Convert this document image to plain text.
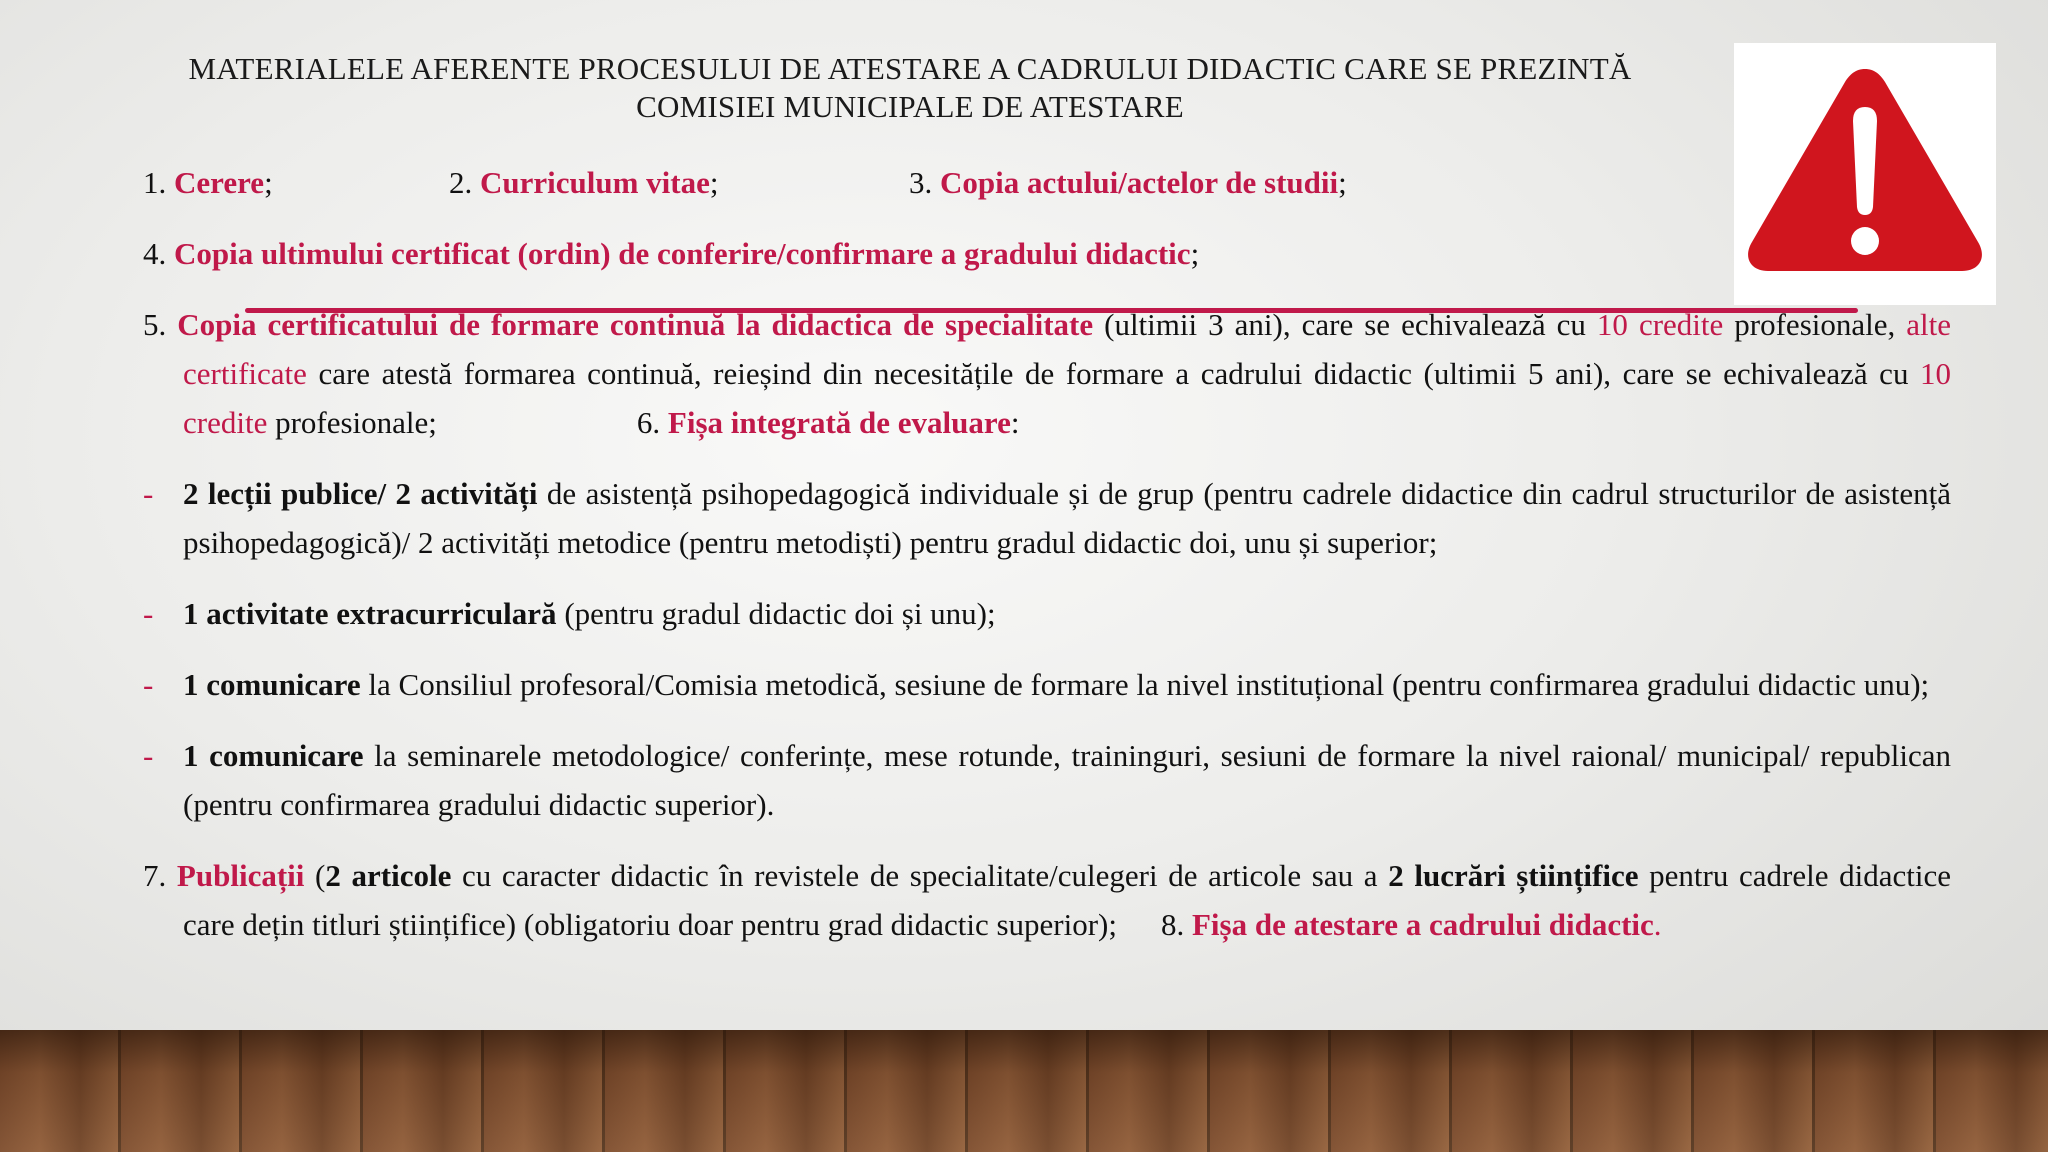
MATERIALELE AFERENTE PROCESULUI DE ATESTARE A CADRULUI DIDACTIC CARE SE PREZINTĂ
COMISIEI MUNICIPALE DE ATESTARE
1. Cerere;	2. Curriculum vitae;	3. Copia actului/actelor de studii;
4. Copia ultimului certificat (ordin) de conferire/confirmare a gradului didactic;
5. Copia certificatului de formare continuă la didactica de specialitate (ultimii 3 ani), care se echivalează cu 10 credite profesionale, alte certificate care atestă formarea continuă, reieșind din necesitățile de formare a cadrului didactic (ultimii 5 ani), care se echivalează cu 10 credite profesionale;	6. Fișa integrată de evaluare:
- 2 lecții publice/ 2 activități de asistență psihopedagogică individuale și de grup (pentru cadrele didactice din cadrul structurilor de asistență psihopedagogică)/ 2 activități metodice (pentru metodiști) pentru gradul didactic doi, unu și superior;
- 1 activitate extracurriculară (pentru gradul didactic doi și unu);
- 1 comunicare la Consiliul profesoral/Comisia metodică, sesiune de formare la nivel instituțional (pentru confirmarea gradului didactic unu);
- 1 comunicare la seminarele metodologice/ conferințe, mese rotunde, traininguri, sesiuni de formare la nivel raional/ municipal/ republican (pentru confirmarea gradului didactic superior).
7. Publicații (2 articole cu caracter didactic în revistele de specialitate/culegeri de articole sau a 2 lucrări științifice pentru cadrele didactice care dețin titluri științifice) (obligatoriu doar pentru grad didactic superior); 8. Fișa de atestare a cadrului didactic.
